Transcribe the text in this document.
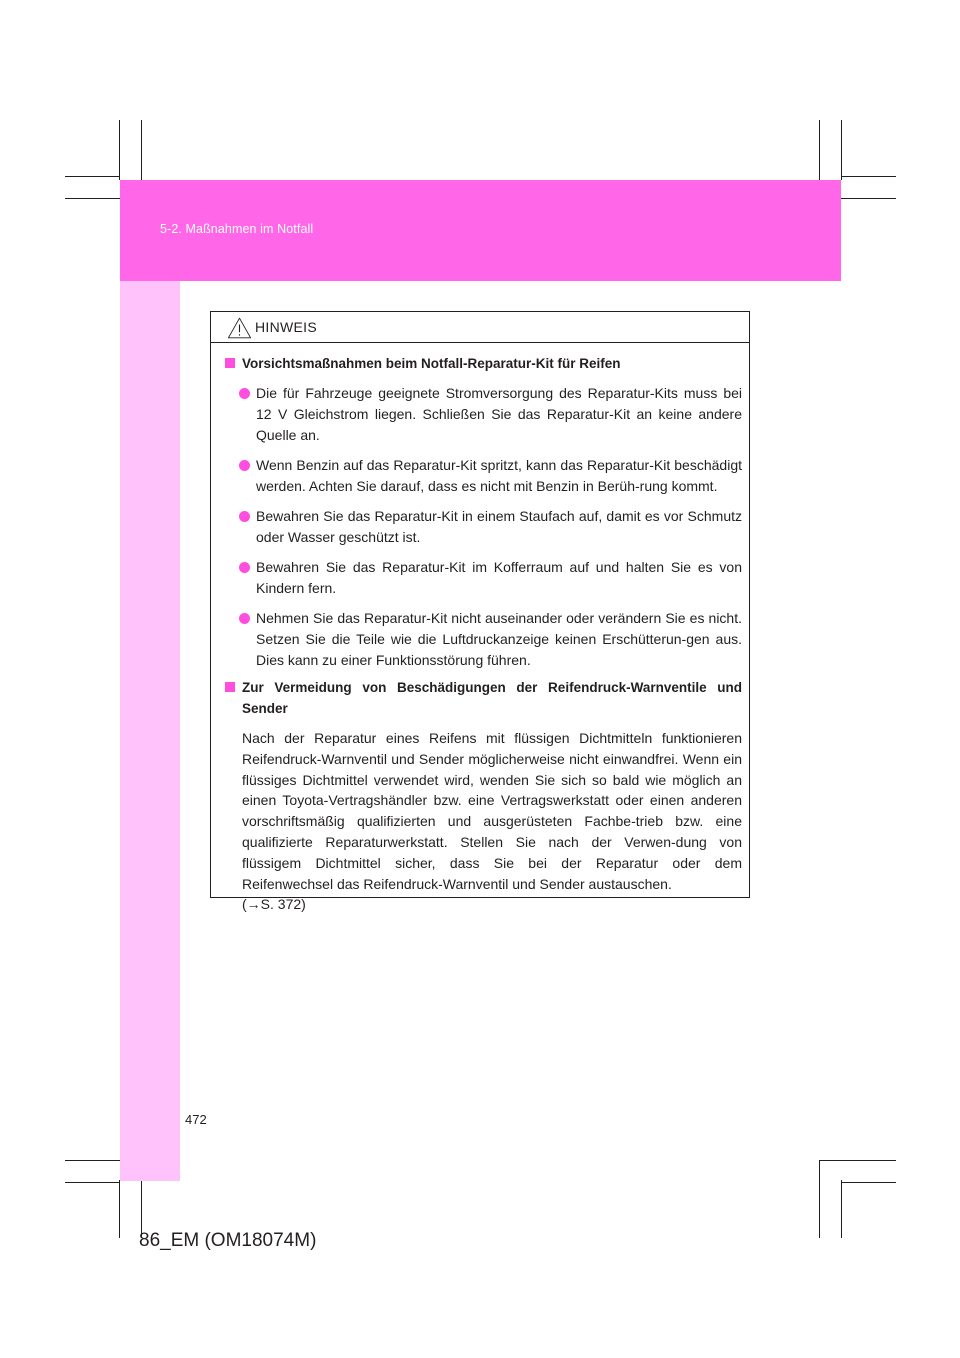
5-2. Maßnahmen im Notfall
HINWEIS
Vorsichtsmaßnahmen beim Notfall-Reparatur-Kit für Reifen
Die für Fahrzeuge geeignete Stromversorgung des Reparatur-Kits muss bei 12 V Gleichstrom liegen. Schließen Sie das Reparatur-Kit an keine andere Quelle an.
Wenn Benzin auf das Reparatur-Kit spritzt, kann das Reparatur-Kit beschädigt werden. Achten Sie darauf, dass es nicht mit Benzin in Berüh-rung kommt.
Bewahren Sie das Reparatur-Kit in einem Staufach auf, damit es vor Schmutz oder Wasser geschützt ist.
Bewahren Sie das Reparatur-Kit im Kofferraum auf und halten Sie es von Kindern fern.
Nehmen Sie das Reparatur-Kit nicht auseinander oder verändern Sie es nicht. Setzen Sie die Teile wie die Luftdruckanzeige keinen Erschütterun-gen aus. Dies kann zu einer Funktionsstörung führen.
Zur Vermeidung von Beschädigungen der Reifendruck-Warnventile und Sender
Nach der Reparatur eines Reifens mit flüssigen Dichtmitteln funktionieren Reifendruck-Warnventil und Sender möglicherweise nicht einwandfrei. Wenn ein flüssiges Dichtmittel verwendet wird, wenden Sie sich so bald wie möglich an einen Toyota-Vertragshändler bzw. eine Vertragswerkstatt oder einen anderen vorschriftsmäßig qualifizierten und ausgerüsteten Fachbe-trieb bzw. eine qualifizierte Reparaturwerkstatt. Stellen Sie nach der Verwen-dung von flüssigem Dichtmittel sicher, dass Sie bei der Reparatur oder dem Reifenwechsel das Reifendruck-Warnventil und Sender austauschen.
(→S. 372)
472
86_EM (OM18074M)
